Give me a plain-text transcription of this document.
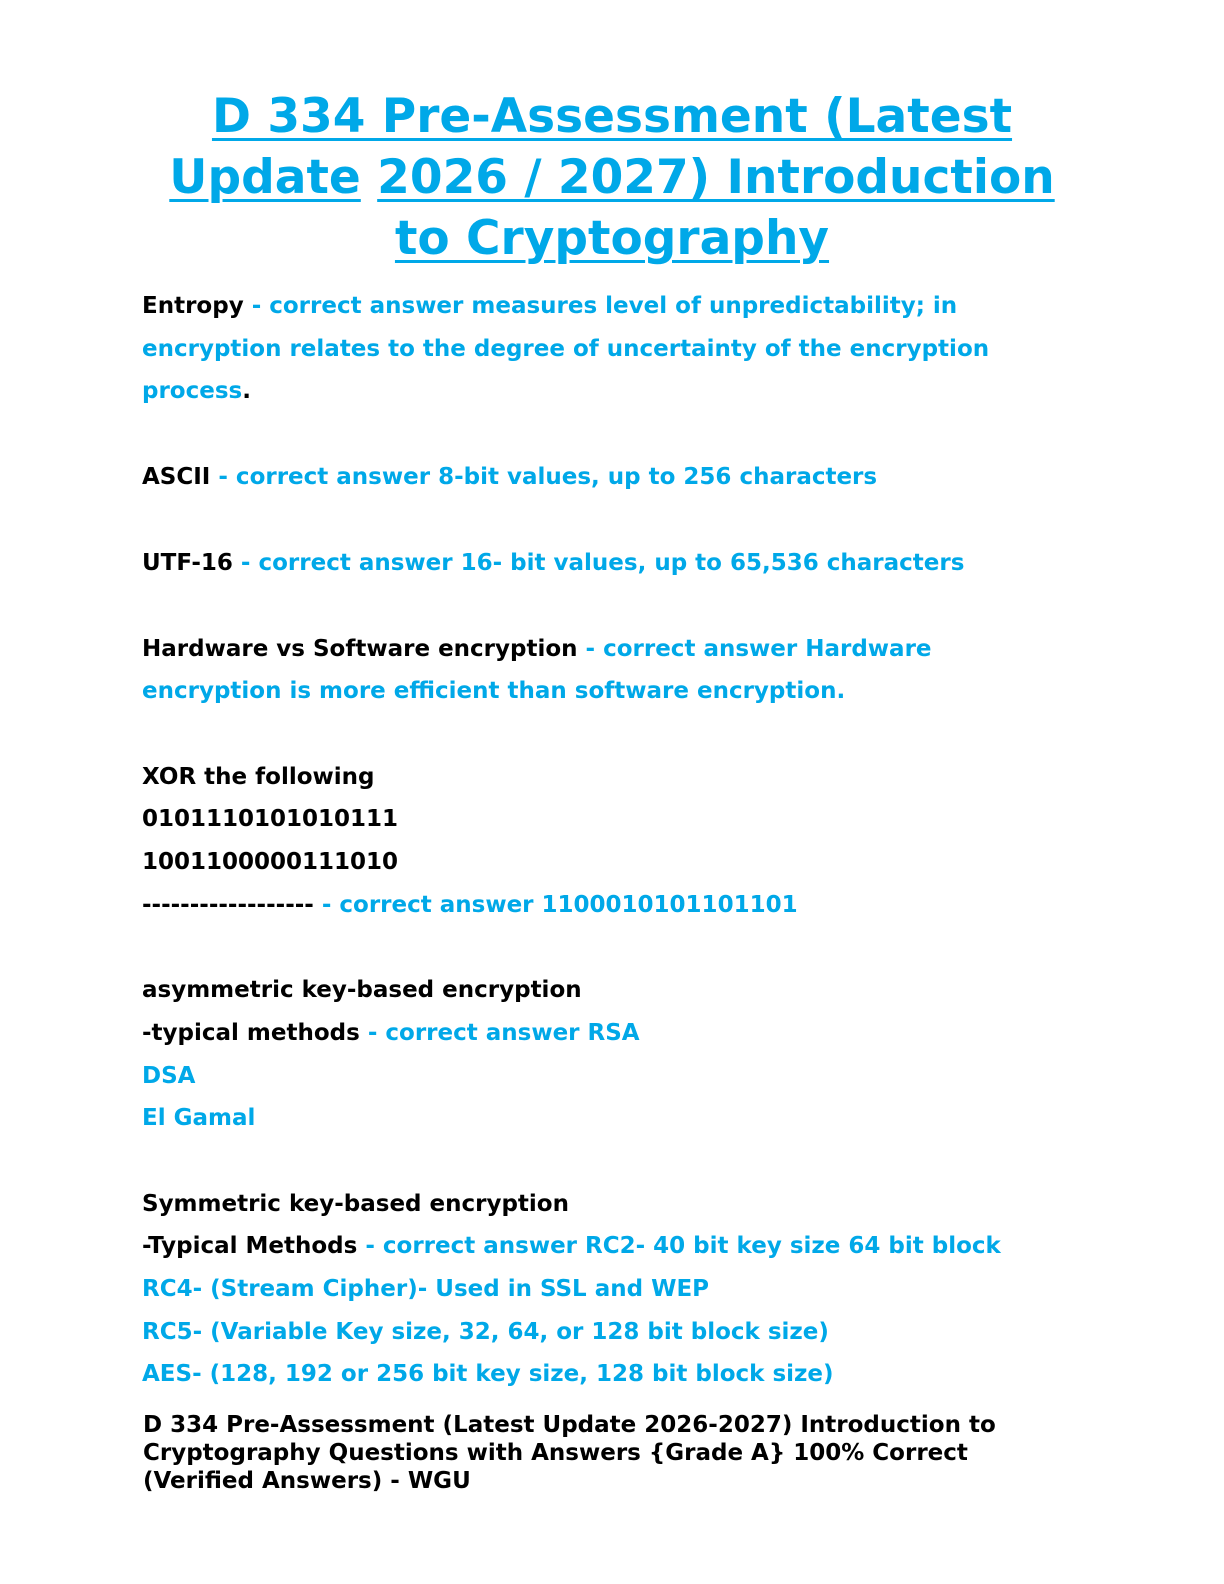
D 334 Pre-Assessment (Latest
Update 2026 / 2027) Introduction
to Cryptography
Entropy - correct answer measures level of unpredictability; in
encryption relates to the degree of uncertainty of the encryption
process.
ASCII - correct answer 8-bit values, up to 256 characters
UTF-16 - correct answer 16- bit values, up to 65,536 characters
Hardware vs Software encryption - correct answer Hardware
encryption is more efficient than software encryption.
XOR the following
0101110101010111
1001100000111010
------------------ - correct answer 1100010101101101
asymmetric key-based encryption
-typical methods - correct answer RSA
DSA
El Gamal
Symmetric key-based encryption
-Typical Methods - correct answer RC2- 40 bit key size 64 bit block
RC4- (Stream Cipher)- Used in SSL and WEP
RC5- (Variable Key size, 32, 64, or 128 bit block size)
AES- (128, 192 or 256 bit key size, 128 bit block size)
D 334 Pre-Assessment (Latest Update 2026-2027) Introduction to
Cryptography Questions with Answers {Grade A} 100% Correct
(Verified Answers) - WGU
